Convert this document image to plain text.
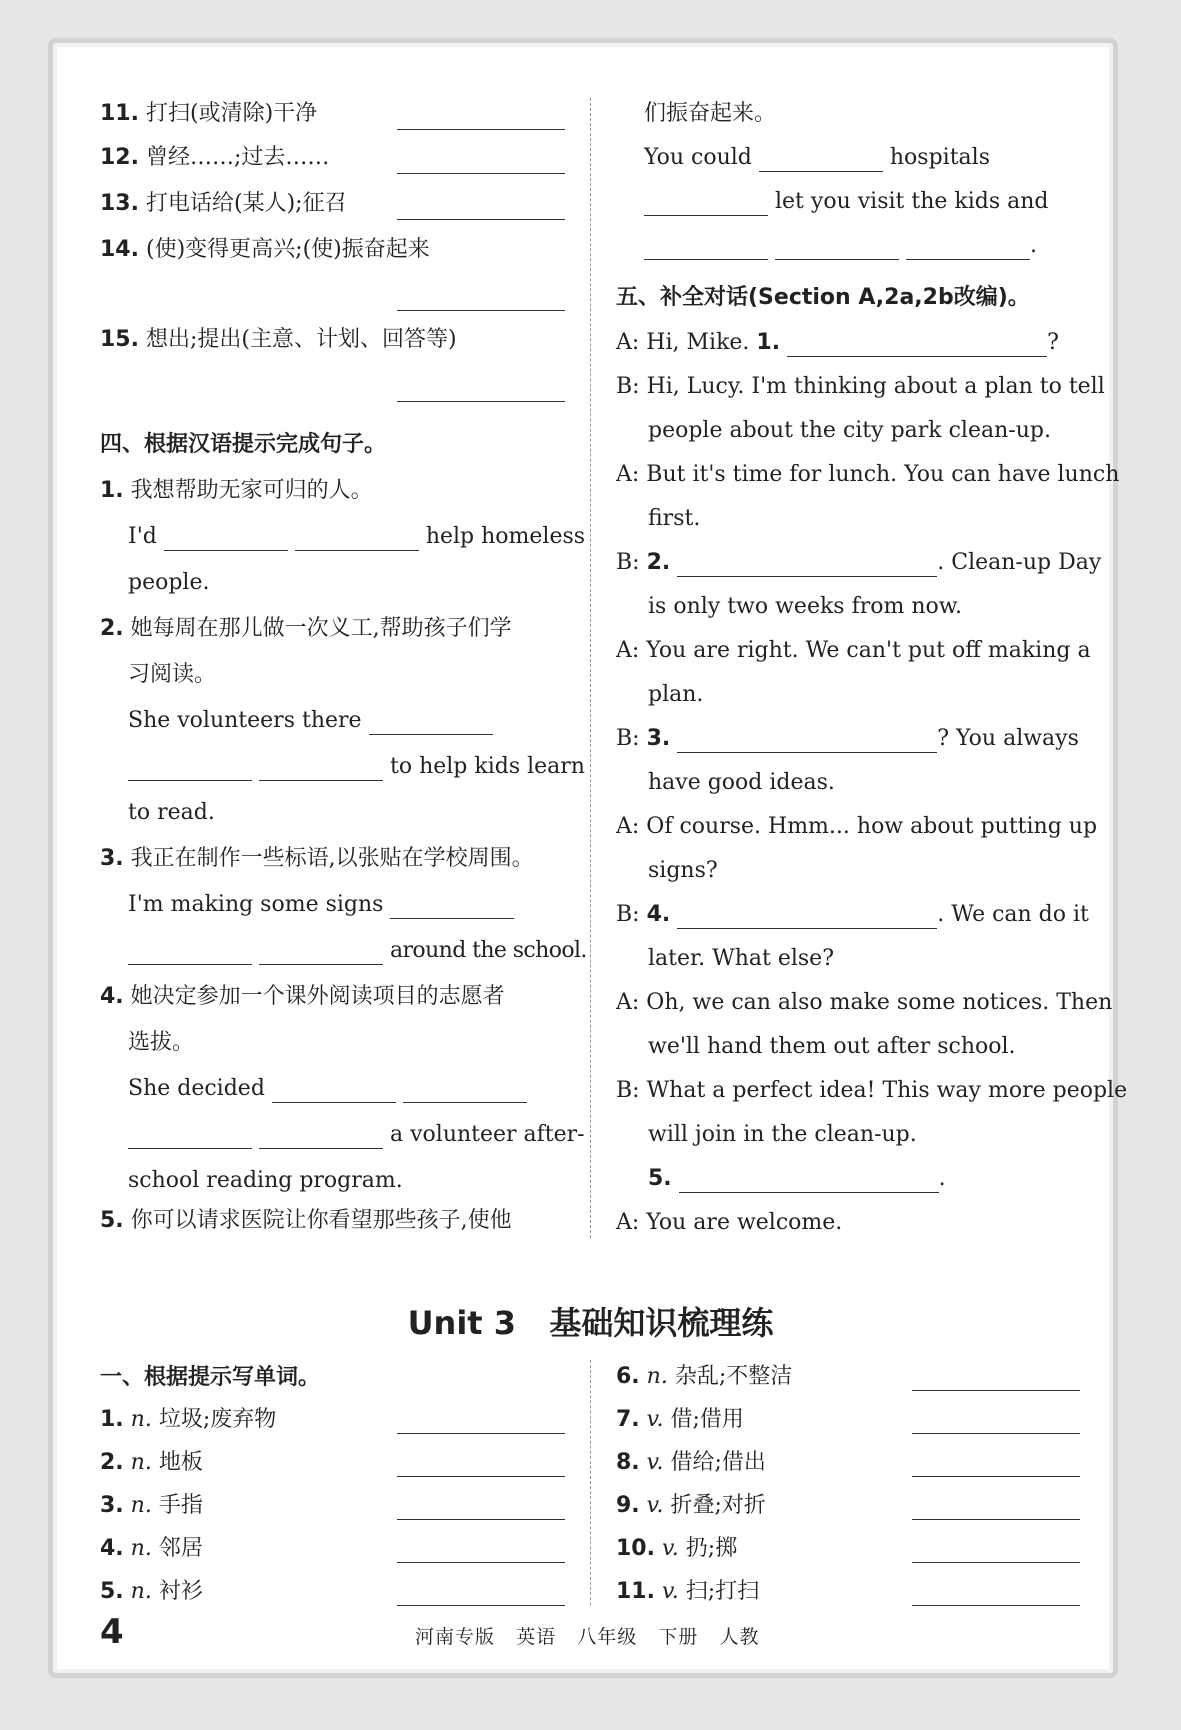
11. 打扫(或清除)干净
12. 曾经……;过去……
13. 打电话给(某人);征召
14. (使)变得更高兴;(使)振奋起来
15. 想出;提出(主意、计划、回答等)
四、根据汉语提示完成句子。
1. 我想帮助无家可归的人。
I'd	help homeless
people.
2. 她每周在那儿做一次义工,帮助孩子们学
习阅读。
She volunteers there
to help kids learn
to read.
3. 我正在制作一些标语,以张贴在学校周围。
I'm making some signs
around the school.
4. 她决定参加一个课外阅读项目的志愿者
选拔。
She decided
a volunteer after-
school reading program.
5. 你可以请求医院让你看望那些孩子,使他
们振奋起来。
You could	hospitals
let you visit the kids and
.
五、补全对话(Section A,2a,2b改编)。
A: Hi, Mike. 1.	?
B: Hi, Lucy. I'm thinking about a plan to tell
people about the city park clean-up.
A: But it's time for lunch. You can have lunch
first.
B: 2.	. Clean-up Day
is only two weeks from now.
A: You are right. We can't put off making a
plan.
B: 3.	? You always
have good ideas.
A: Of course. Hmm... how about putting up
signs?
B: 4.	. We can do it
later. What else?
A: Oh, we can also make some notices. Then
we'll hand them out after school.
B: What a perfect idea! This way more people
will join in the clean-up.
5.	.
A: You are welcome.
Unit 3   基础知识梳理练
一、根据提示写单词。
1. n. 垃圾;废弃物
2. n. 地板
3. n. 手指
4. n. 邻居
5. n. 衬衫
6. n. 杂乱;不整洁
7. v. 借;借用
8. v. 借给;借出
9. v. 折叠;对折
10. v. 扔;掷
11. v. 扫;打扫
4	河南专版   英语   八年级   下册   人教
